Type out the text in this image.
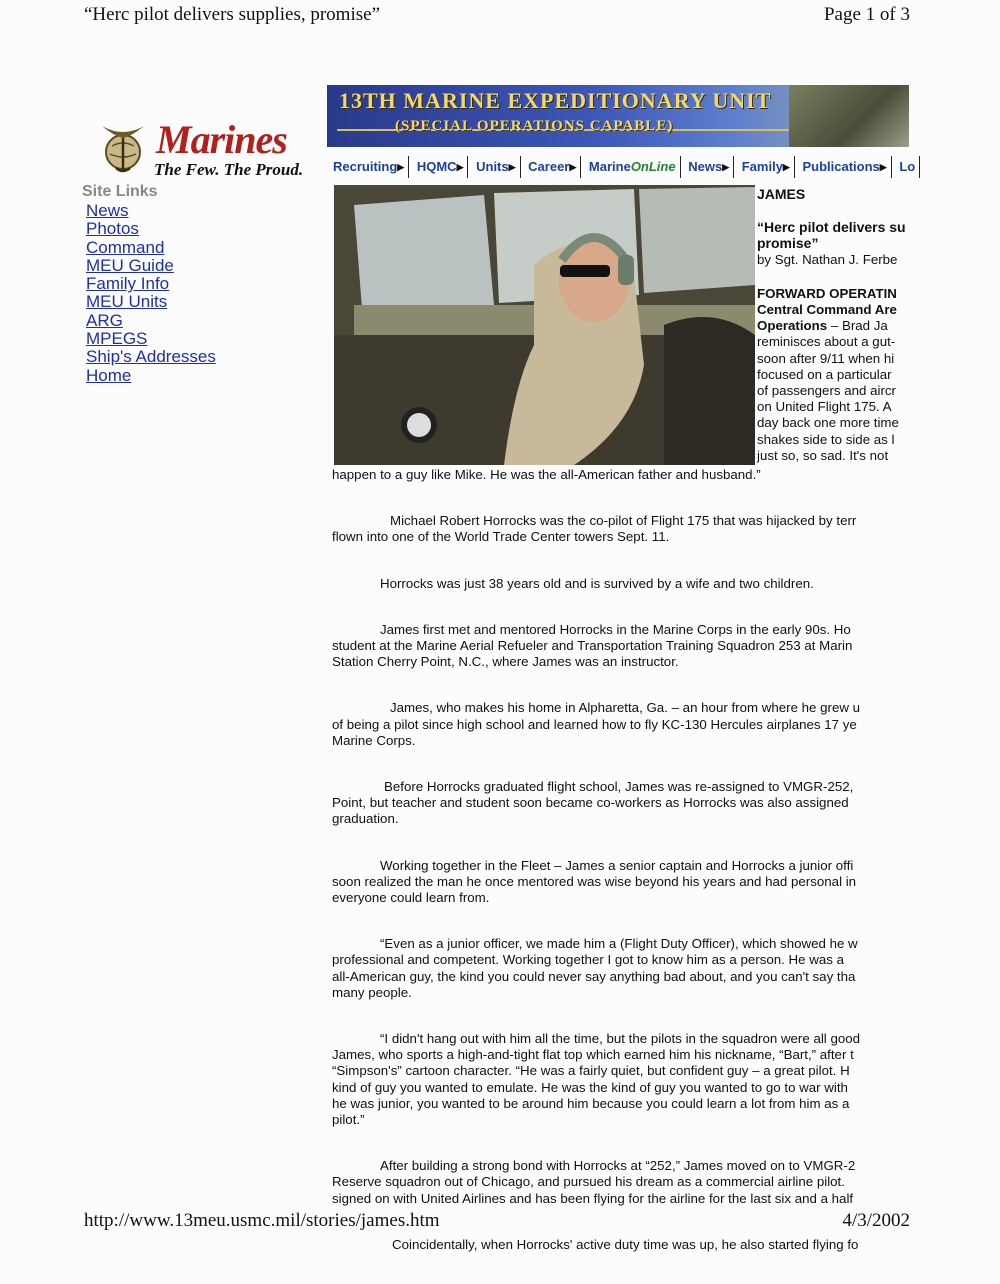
“Herc pilot delivers supplies, promise”	Page 1 of 3
Marines
The Few. The Proud.
Site Links
News
Photos
Command
MEU Guide
Family Info
MEU Units
ARG
MPEGS
Ship's Addresses
Home
13TH MARINE EXPEDITIONARY UNIT
(SPECIAL OPERATIONS CAPABLE)
Recruiting▶ HQMC▶ Units▶ Career▶ MarineOnLine News▶ Family▶ Publications▶ Lo

JAMES

“Herc pilot delivers su promise”

by Sgt. Nathan J. Ferbe

FORWARD OPERATIN

Central Command Are

Operations – Brad Ja

reminisces about a gut-

soon after 9/11 when hi

focused on a particular

of passengers and aircr

on United Flight 175. A

day back one more time

shakes side to side as l

just so, so sad. It's not

happen to a guy like Mike. He was the all-American father and husband.”

Michael Robert Horrocks was the co-pilot of Flight 175 that was hijacked by terr

flown into one of the World Trade Center towers Sept. 11.

Horrocks was just 38 years old and is survived by a wife and two children.

James first met and mentored Horrocks in the Marine Corps in the early 90s. Ho

student at the Marine Aerial Refueler and Transportation Training Squadron 253 at Marin

Station Cherry Point, N.C., where James was an instructor.

James, who makes his home in Alpharetta, Ga. – an hour from where he grew u

of being a pilot since high school and learned how to fly KC-130 Hercules airplanes 17 ye

Marine Corps.

Before Horrocks graduated flight school, James was re-assigned to VMGR-252,

Point, but teacher and student soon became co-workers as Horrocks was also assigned

graduation.

Working together in the Fleet – James a senior captain and Horrocks a junior offi

soon realized the man he once mentored was wise beyond his years and had personal in

everyone could learn from.

“Even as a junior officer, we made him a (Flight Duty Officer), which showed he w

professional and competent. Working together I got to know him as a person. He was a

all-American guy, the kind you could never say anything bad about, and you can't say tha

many people.

“I didn't hang out with him all the time, but the pilots in the squadron were all good

James, who sports a high-and-tight flat top which earned him his nickname, “Bart,” after t

“Simpson's” cartoon character. “He was a fairly quiet, but confident guy – a great pilot. H

kind of guy you wanted to emulate. He was the kind of guy you wanted to go to war with

he was junior, you wanted to be around him because you could learn a lot from him as a

pilot.”

After building a strong bond with Horrocks at “252,” James moved on to VMGR-2

Reserve squadron out of Chicago, and pursued his dream as a commercial airline pilot.

signed on with United Airlines and has been flying for the airline for the last six and a half

Coincidentally, when Horrocks' active duty time was up, he also started flying fo

http://www.13meu.usmc.mil/stories/james.htm	4/3/2002
